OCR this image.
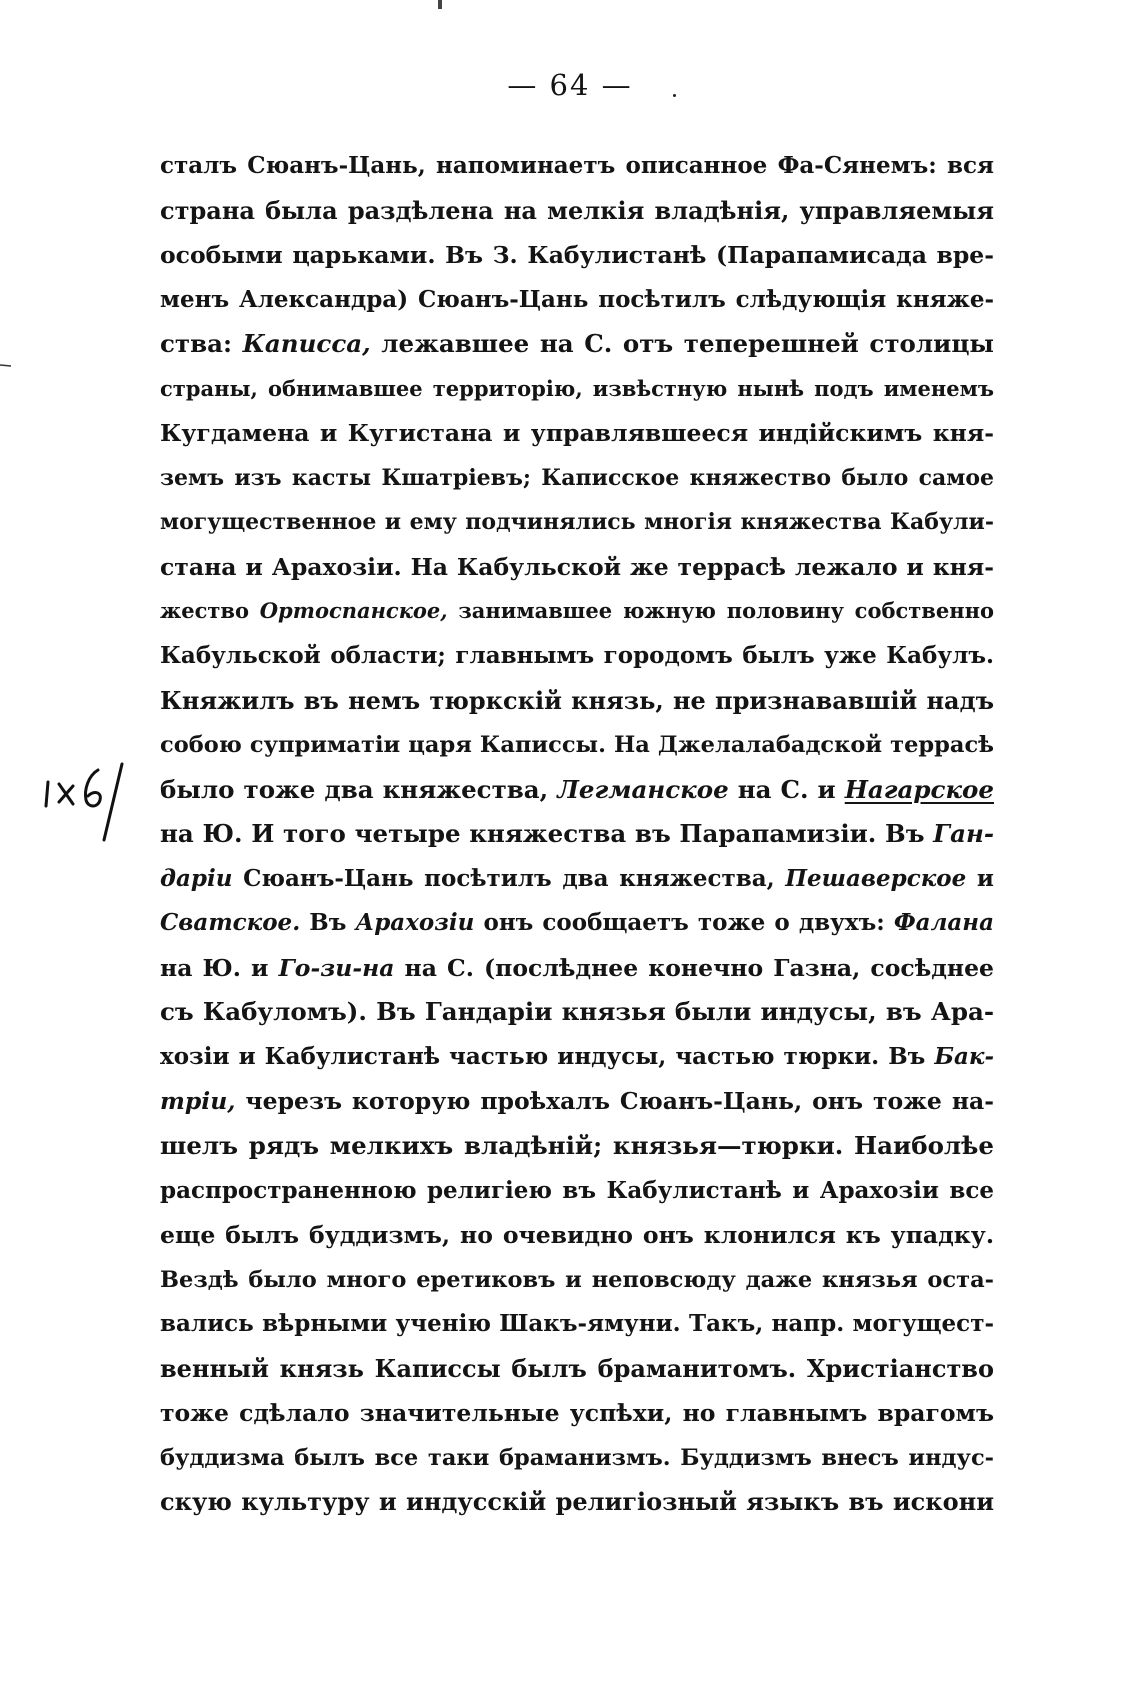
— 64 —
сталъ Сюанъ-Цань, напоминаетъ описанное Фа-Сянемъ: вся
страна была раздѣлена на мелкія владѣнія, управляемыя
особыми царьками. Въ З. Кабулистанѣ (Парапамисада вре-
менъ Александра) Сюанъ-Цань посѣтилъ слѣдующія княже-
ства: Каписса, лежавшее на С. отъ теперешней столицы
страны, обнимавшее территорію, извѣстную нынѣ подъ именемъ
Кугдамена и Кугистана и управлявшееся индійскимъ кня-
земъ изъ касты Кшатріевъ; Каписское княжество было самое
могущественное и ему подчинялись многія княжества Кабули-
стана и Арахозіи. На Кабульской же террасѣ лежало и кня-
жество Ортоспанское, занимавшее южную половину собственно
Кабульской области; главнымъ городомъ былъ уже Кабулъ.
Княжилъ въ немъ тюркскій князь, не признававшій надъ
собою суприматіи царя Каписсы. На Джелалабадской террасѣ
было тоже два княжества, Легманское на С. и Нагарское
на Ю. И того четыре княжества въ Парапамизіи. Въ Ган-
даріи Сюанъ-Цань посѣтилъ два княжества, Пешаверское и
Сватское. Въ Арахозіи онъ сообщаетъ тоже о двухъ: Фалана
на Ю. и Го-зи-на на С. (послѣднее конечно Газна, сосѣднее
съ Кабуломъ). Въ Гандаріи князья были индусы, въ Ара-
хозіи и Кабулистанѣ частью индусы, частью тюрки. Въ Бак-
тріи, черезъ которую проѣхалъ Сюанъ-Цань, онъ тоже на-
шелъ рядъ мелкихъ владѣній; князья—тюрки. Наиболѣе
распространенною религіею въ Кабулистанѣ и Арахозіи все
еще былъ буддизмъ, но очевидно онъ клонился къ упадку.
Вездѣ было много еретиковъ и неповсюду даже князья оста-
вались вѣрными ученію Шакъ-ямуни. Такъ, напр. могущест-
венный князь Каписсы былъ браманитомъ. Христіанство
тоже сдѣлало значительные успѣхи, но главнымъ врагомъ
буддизма былъ все таки браманизмъ. Буддизмъ внесъ индус-
скую культуру и индусскій религіозный языкъ въ искони
